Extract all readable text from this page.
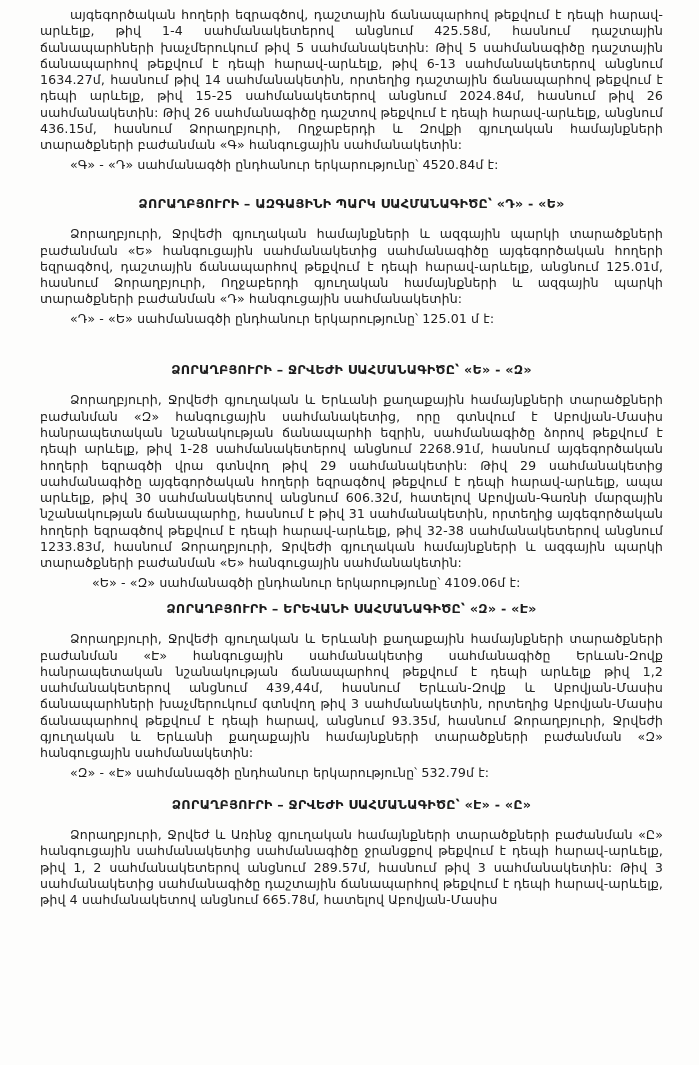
այգեգործական հողերի եզրագծով, դաշտային ճանապարհով թեքվում է դեպի հարավ-արևելք, թիվ 1-4 սահմանակետերով անցնում 425.58մ, հասնում դաշտային ճանապարհների խաչմերուկում թիվ 5 սահմանակետին: Թիվ 5 սահմանագիծը դաշտային ճանապարհով թեքվում է դեպի հարավ-արևելք, թիվ 6-13 սահմանակետերով անցնում 1634.27մ, հասնում թիվ 14 սահմանակետին, որտեղից դաշտային ճանապարհով թեքվում է դեպի արևելք, թիվ 15-25 սահմանակետերով անցնում 2024.84մ, հասնում թիվ 26 սահմանակետին: Թիվ 26 սահմանագիծը դաշտով թեքվում է դեպի հարավ-արևելք, անցնում 436.15մ, հասնում Ձորաղբյուրի, Ողջաբերդի և Զովքի գյուղական համայնքների տարածքների բաժանման «Գ» հանգուցային սահմանակետին:

«Գ» - «Դ» սահմանագծի ընդհանուր երկարությունը՝ 4520.84մ է:

ՁՈՐԱՂԲՅՈՒՐԻ – ԱԶԳԱՅԻՆԻ ՊԱՐԿ ՍԱՀՄԱՆԱԳԻԾԸ՝ «Դ» - «Ե»

Ձորաղբյուրի, Ջրվեժի գյուղական համայնքների և ազգային պարկի տարածքների բաժանման «Ե» հանգուցային սահմանակետից սահմանագիծը այգեգործական հողերի եզրագծով, դաշտային ճանապարհով թեքվում է դեպի հարավ-արևելք, անցնում 125.01մ, հասնում Ձորաղբյուրի, Ողջաբերդի գյուղական համայնքների և ազգային պարկի տարածքների բաժանման «Դ» հանգուցային սահմանակետին:

«Դ» - «Ե» սահմանագծի ընդհանուր երկարությունը՝ 125.01 մ է:

ՁՈՐԱՂԲՅՈՒՐԻ – ՋՐՎԵԺԻ ՍԱՀՄԱՆԱԳԻԾԸ՝ «Ե» - «Զ»

Ձորաղբյուրի, Ջրվեժի գյուղական և Երևանի քաղաքային համայնքների տարածքների բաժանման «Զ» հանգուցային սահմանակետից, որը գտնվում է Աբովյան-Մասիս հանրապետական նշանակության ճանապարհի եզրին, սահմանագիծը ձորով թեքվում է դեպի արևելք, թիվ 1-28 սահմանակետերով անցնում 2268.91մ, հասնում այգեգործական հողերի եզրագծի վրա գտնվող թիվ 29 սահմանակետին: Թիվ 29 սահմանակետից սահմանագիծը այգեգործական հողերի եզրագծով թեքվում է դեպի հարավ-արևելք, ապա արևելք, թիվ 30 սահմանակետով անցնում 606.32մ, հատելով Աբովյան-Գառնի մարզային նշանակության ճանապարհը, հասնում է թիվ 31 սահմանակետին, որտեղից այգեգործական հողերի եզրագծով թեքվում է դեպի հարավ-արևելք, թիվ 32-38 սահմանակետերով անցնում 1233.83մ, հասնում Ձորաղբյուրի, Ջրվեժի գյուղական համայնքների և ազգային պարկի տարածքների բաժանման «Ե» հանգուցային սահմանակետին:

«Ե» - «Զ» սահմանագծի ընդհանուր երկարությունը՝ 4109.06մ է:

ՁՈՐԱՂԲՅՈՒՐԻ – ԵՐԵՎԱՆԻ ՍԱՀՄԱՆԱԳԻԾԸ՝ «Զ» - «Է»

Ձորաղբյուրի, Ջրվեժի գյուղական և Երևանի քաղաքային համայնքների տարածքների բաժանման «Է» հանգուցային սահմանակետից սահմանագիծը Երևան-Զովք հանրապետական նշանակության ճանապարհով թեքվում է դեպի արևելք թիվ 1,2 սահմանակետերով անցնում 439,44մ, հասնում Երևան-Զովք և Աբովյան-Մասիս ճանապարհների խաչմերուկում գտնվող թիվ 3 սահմանակետին, որտեղից Աբովյան-Մասիս ճանապարհով թեքվում է դեպի հարավ, անցնում 93.35մ, հասնում Ձորաղբյուրի, Ջրվեժի գյուղական և Երևանի քաղաքային համայնքների տարածքների բաժանման «Զ» հանգուցային սահմանակետին:

«Զ» - «Է» սահմանագծի ընդհանուր երկարությունը՝ 532.79մ է:

ՁՈՐԱՂԲՅՈՒՐԻ – ՋՐՎԵԺԻ ՍԱՀՄԱՆԱԳԻԾԸ՝ «Է» - «Ը»

Ձորաղբյուրի, Ջրվեժ և Առինջ գյուղական համայնքների տարածքների բաժանման «Ը» հանգուցային սահմանակետից սահմանագիծը ջրանցքով թեքվում է դեպի հարավ-արևելք, թիվ 1, 2 սահմանակետերով անցնում 289.57մ, հասնում թիվ 3 սահմանակետին: Թիվ 3 սահմանակետից սահմանագիծը դաշտային ճանապարհով թեքվում է դեպի հարավ-արևելք, թիվ 4 սահմանակետով անցնում 665.78մ, հատելով Աբովյան-Մասիս
